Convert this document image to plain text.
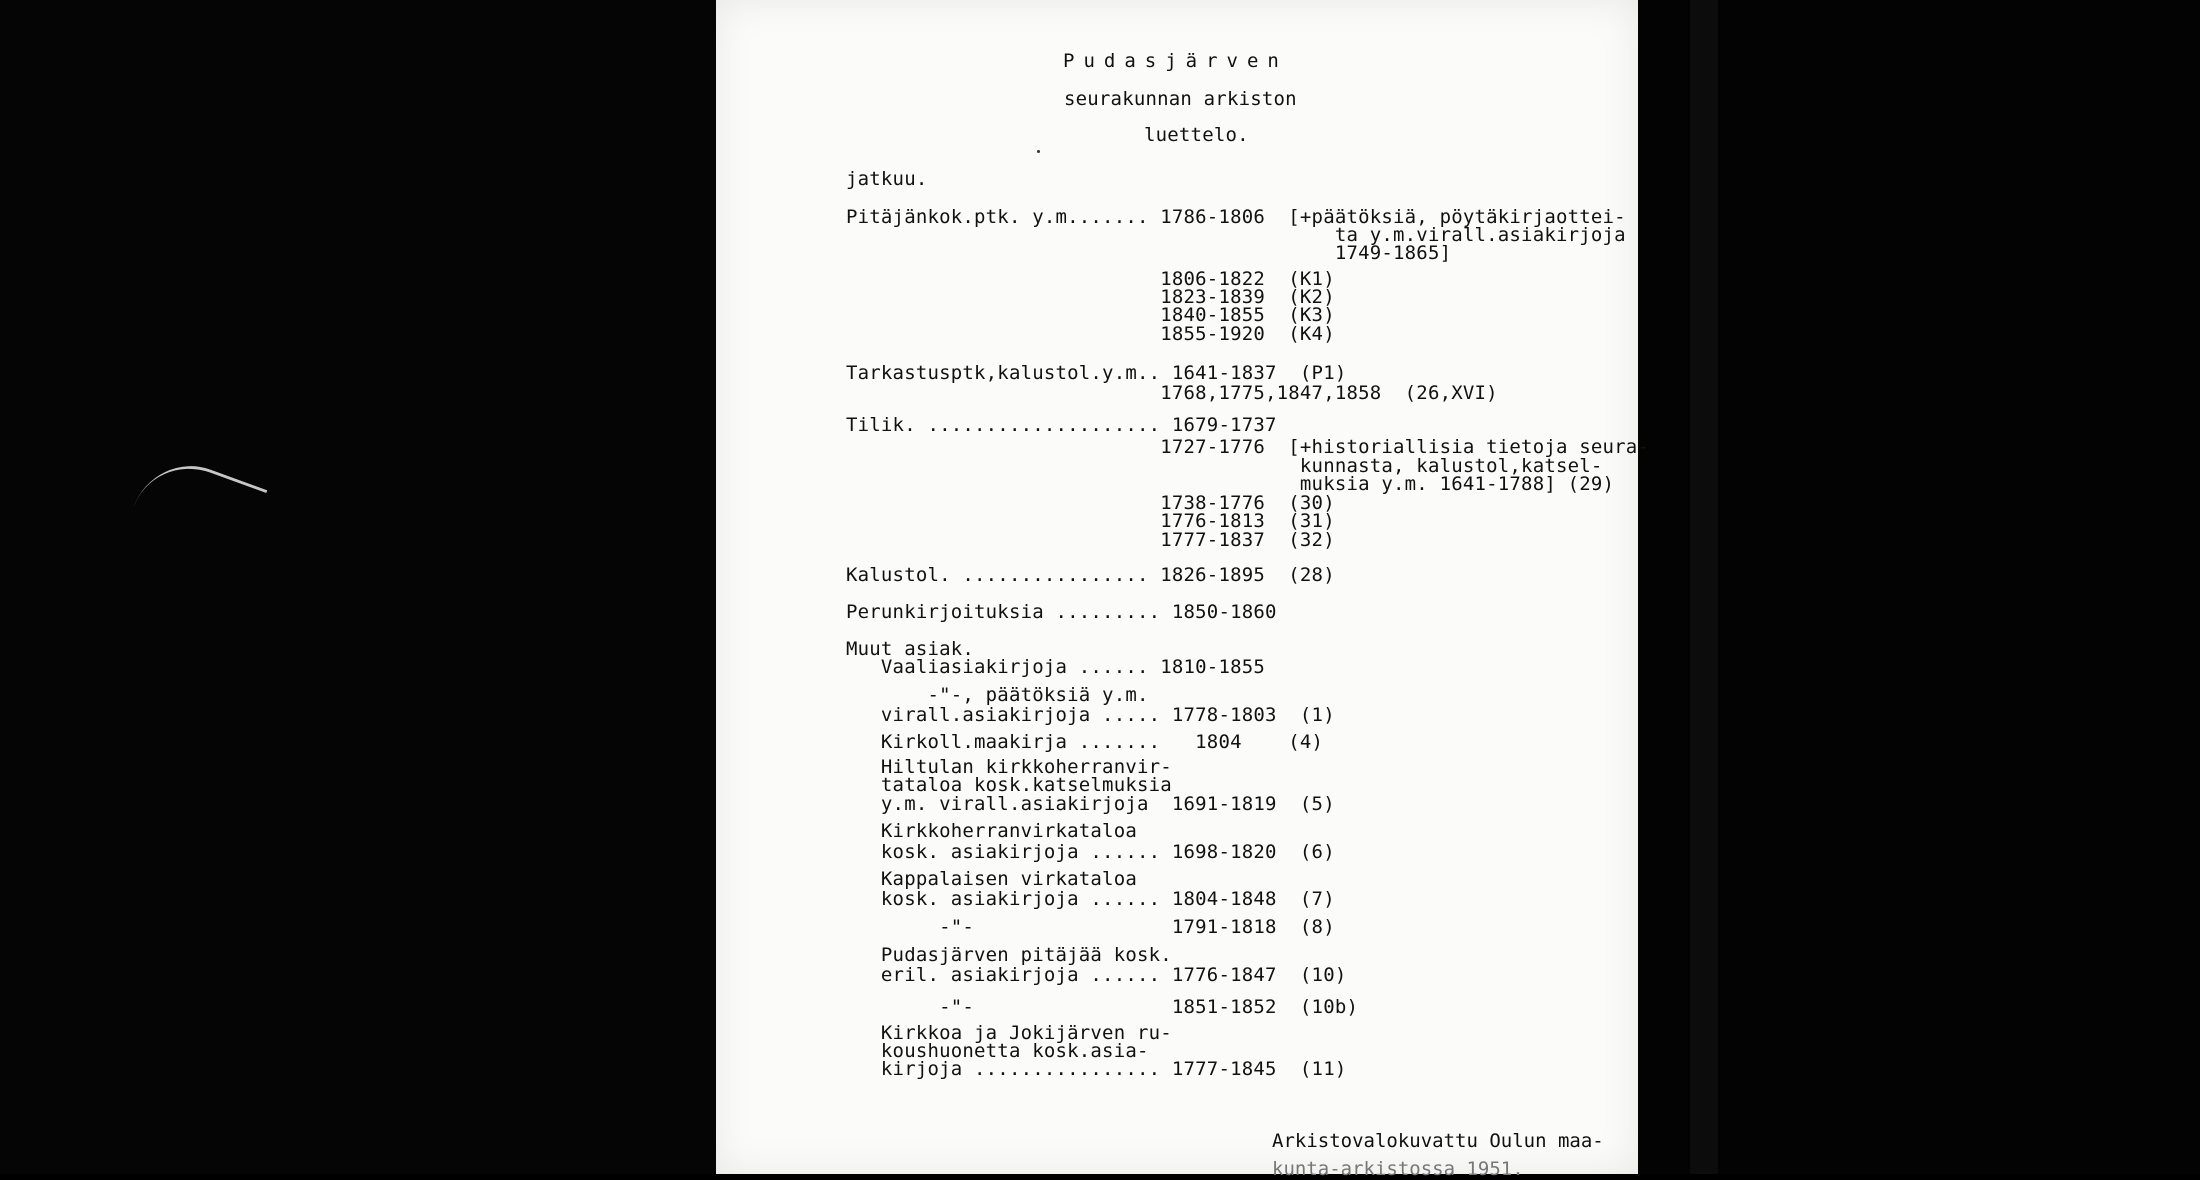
Pudasjärven
seurakunnan arkiston
luettelo.
jatkuu.
Pitäjänkok.ptk. y.m....... 1786-1806  [+päätöksiä, pöytäkirjaottei-
ta y.m.virall.asiakirjoja
1749-1865]
1806-1822  (K1)
1823-1839  (K2)
1840-1855  (K3)
1855-1920  (K4)
Tarkastusptk,kalustol.y.m.. 1641-1837  (P1)
1768,1775,1847,1858  (26,XVI)
Tilik. .................... 1679-1737
1727-1776  [+historiallisia tietoja seura-
kunnasta, kalustol,katsel-
muksia y.m. 1641-1788] (29)
1738-1776  (30)
1776-1813  (31)
1777-1837  (32)
Kalustol. ................ 1826-1895  (28)
Perunkirjoituksia ......... 1850-1860
Muut asiak.
Vaaliasiakirjoja ...... 1810-1855
-"-, päätöksiä y.m.
virall.asiakirjoja ..... 1778-1803  (1)
Kirkoll.maakirja .......   1804    (4)
Hiltulan kirkkoherranvir-
tataloa kosk.katselmuksia
y.m. virall.asiakirjoja  1691-1819  (5)
Kirkkoherranvirkataloa
kosk. asiakirjoja ...... 1698-1820  (6)
Kappalaisen virkataloa
kosk. asiakirjoja ...... 1804-1848  (7)
-"-                 1791-1818  (8)
Pudasjärven pitäjää kosk.
eril. asiakirjoja ...... 1776-1847  (10)
-"-                 1851-1852  (10b)
Kirkkoa ja Jokijärven ru-
koushuonetta kosk.asia-
kirjoja ................ 1777-1845  (11)
Arkistovalokuvattu Oulun maa-
kunta-arkistossa 1951.
